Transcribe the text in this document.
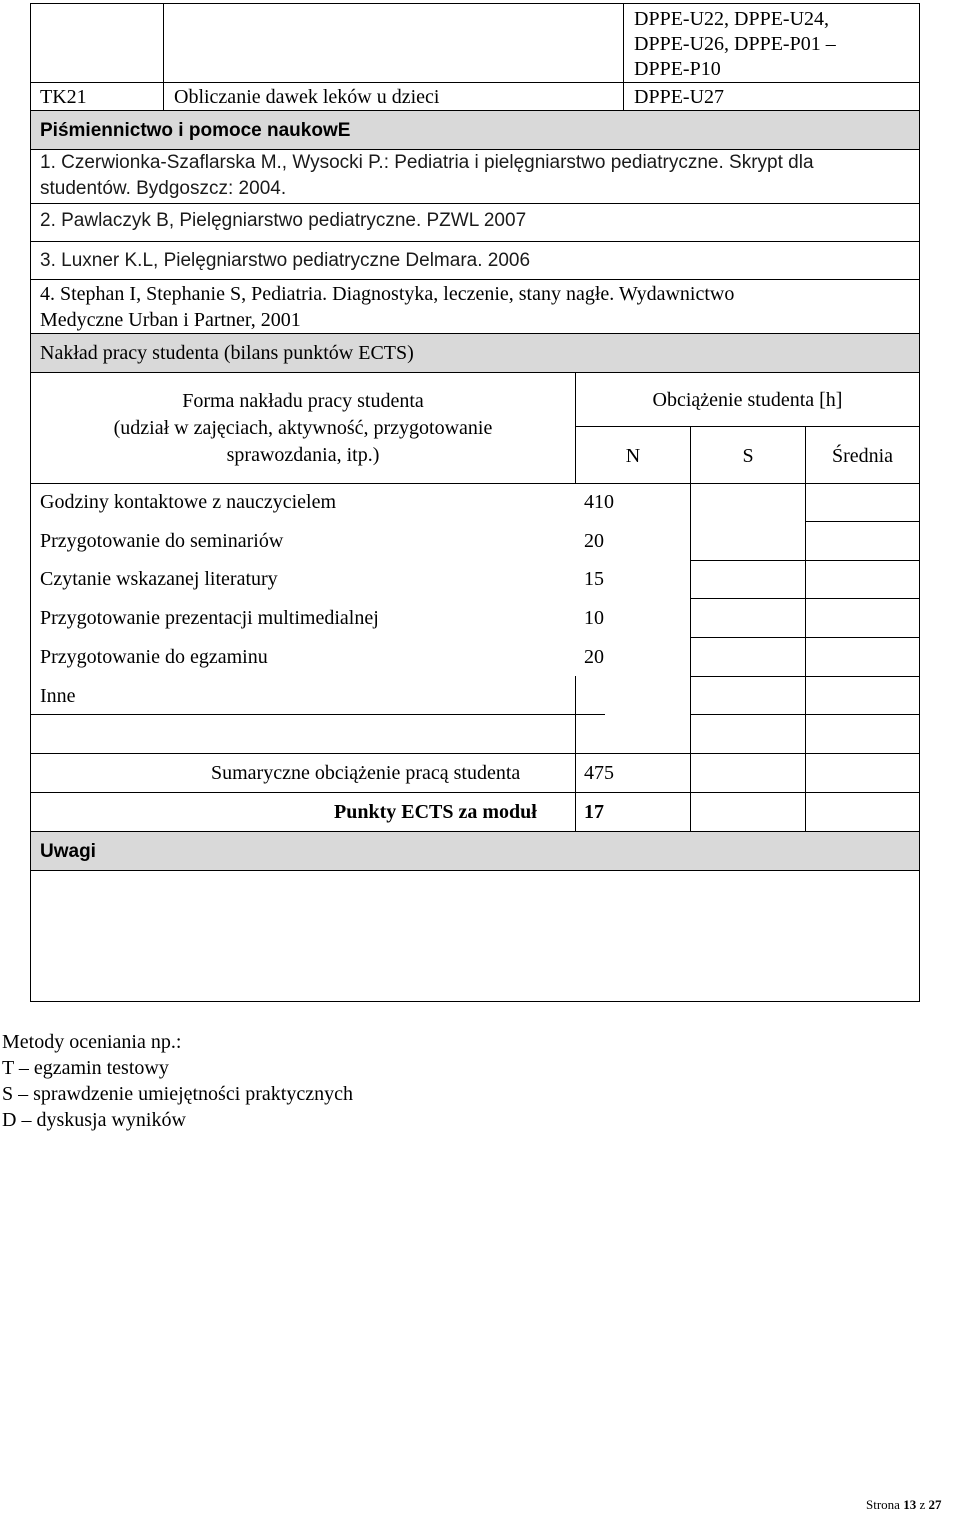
DPPE-U22, DPPE-U24,
DPPE-U26, DPPE-P01 –
DPPE-P10
TK21	Obliczanie dawek leków u dzieci	DPPE-U27
Piśmiennictwo i pomoce naukowE
1. Czerwionka-Szaflarska M., Wysocki P.: Pediatria i pielęgniarstwo pediatryczne. Skrypt dla
studentów. Bydgoszcz: 2004.
2. Pawlaczyk B, Pielęgniarstwo pediatryczne. PZWL 2007
3. Luxner K.L, Pielęgniarstwo pediatryczne Delmara. 2006
4. Stephan I, Stephanie S, Pediatria. Diagnostyka, leczenie, stany nagłe. Wydawnictwo
Medyczne Urban i Partner, 2001
Nakład pracy studenta (bilans punktów ECTS)
Forma nakładu pracy studenta
(udział w zajęciach, aktywność, przygotowanie
sprawozdania, itp.)
Obciążenie studenta [h]
N	S	Średnia
Godziny kontaktowe z nauczycielem	410
Przygotowanie do seminariów	20
Czytanie wskazanej literatury	15
Przygotowanie prezentacji multimedialnej	10
Przygotowanie do egzaminu	20
Inne
Sumaryczne obciążenie pracą studenta	475
Punkty ECTS za moduł 17
Uwagi
Metody oceniania np.:
T – egzamin testowy
S – sprawdzenie umiejętności praktycznych
D – dyskusja wyników
Strona 13 z 27
